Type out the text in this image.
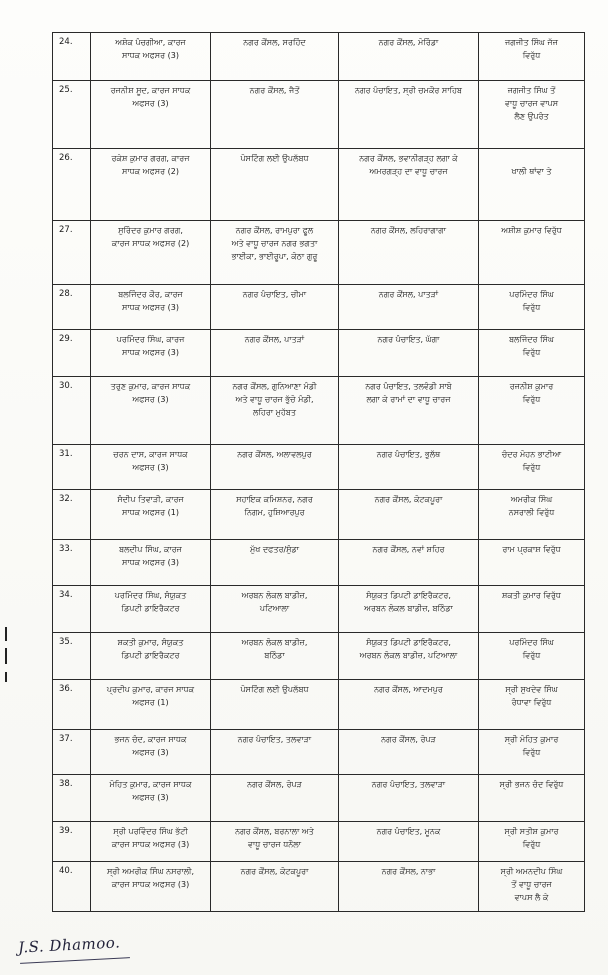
24.	ਅਸ਼ੋਕ ਪੰਚਗੀਆ, ਕਾਰਜ
ਸਾਧਕ ਅਫਸਰ (3)	ਨਗਰ ਕੌਂਸਲ, ਸਰਹਿੰਦ	ਨਗਰ ਕੌਂਸਲ, ਮੋਰਿੰਡਾ	ਜਗਜੀਤ ਸਿੰਘ ਜੱਜ
ਵਿਰੁੱਧ

25.	ਰਜਨੀਸ਼ ਸੂਦ, ਕਾਰਜ ਸਾਧਕ
ਅਫਸਰ (3)	ਨਗਰ ਕੌਂਸਲ, ਜੈਤੋਂ	ਨਗਰ ਪੰਚਾਇਤ, ਸ੍ਰੀ ਚਮਕੌਰ ਸਾਹਿਬ	ਜਗਜੀਤ ਸਿੰਘ ਤੋਂ
ਵਾਧੂ ਚਾਰਜ ਵਾਪਸ
ਲੈਣ ਉਪਰੰਤ

26.	ਰਕੇਸ਼ ਕੁਮਾਰ ਗਰਗ, ਕਾਰਜ
ਸਾਧਕ ਅਫਸਰ (2)	ਪੋਸਟਿੰਗ ਲਈ ਉਪਲੱਬਧ	ਨਗਰ ਕੌਂਸਲ, ਭਵਾਨੀਗੜ੍ਹ ਲਗਾ ਕੇ
ਅਮਰਗੜ੍ਹ ਦਾ ਵਾਧੂ ਚਾਰਜ	
ਖਾਲੀ ਥਾਂਵਾ ਤੇ

27.	ਸੁਰਿੰਦਰ ਕੁਮਾਰ ਗਰਗ,
ਕਾਰਜ ਸਾਧਕ ਅਫਸਰ (2)	ਨਗਰ ਕੌਂਸਲ, ਰਾਮਪੁਰਾ ਫੂਲ
ਅਤੇ ਵਾਧੂ ਚਾਰਜ ਨਗਰ ਭਗਤਾ
ਭਾਈਕਾ, ਭਾਈਰੂਪਾ, ਕੋਠਾ ਗੁਰੂ	ਨਗਰ ਕੌਂਸਲ, ਲਹਿਰਾਗਾਗਾ	ਅਸ਼ੀਸ਼ ਕੁਮਾਰ ਵਿਰੁੱਧ

28.	ਬਲਜਿੰਦਰ ਕੌਰ, ਕਾਰਜ
ਸਾਧਕ ਅਫਸਰ (3)	ਨਗਰ ਪੰਚਾਇਤ, ਚੀਮਾ	ਨਗਰ ਕੌਂਸਲ, ਪਾਤੜਾਂ	ਪਰਮਿੰਦਰ ਸਿੰਘ
ਵਿਰੁੱਧ

29.	ਪਰਮਿੰਦਰ ਸਿੰਘ, ਕਾਰਜ
ਸਾਧਕ ਅਫਸਰ (3)	ਨਗਰ ਕੌਂਸਲ, ਪਾਤੜਾਂ	ਨਗਰ ਪੰਚਾਇਤ, ਘੱਗਾ	ਬਲਜਿੰਦਰ ਸਿੰਘ
ਵਿਰੁੱਧ

30.	ਤਰੁਣ ਕੁਮਾਰ, ਕਾਰਜ ਸਾਧਕ
ਅਫਸਰ (3)	ਨਗਰ ਕੌਂਸਲ, ਗੁਨਿਆਣਾ ਮੰਡੀ
ਅਤੇ ਵਾਧੂ ਚਾਰਜ ਭੁੱਚੋ ਮੰਡੀ,
ਲਹਿਰਾ ਮੁਹੱਬਤ	ਨਗਰ ਪੰਚਾਇਤ, ਤਲਵੰਡੀ ਸਾਬੋ
ਲਗਾ ਕੇ ਰਾਮਾਂ ਦਾ ਵਾਧੂ ਚਾਰਜ	ਰਜਨੀਸ਼ ਕੁਮਾਰ
ਵਿਰੁੱਧ

31.	ਚਰਨ ਦਾਸ, ਕਾਰਜ ਸਾਧਕ
ਅਫਸਰ (3)	ਨਗਰ ਕੌਂਸਲ, ਅਲਾਵਲਪੁਰ	ਨਗਰ ਪੰਚਾਇਤ, ਭੁਲੱਥ	ਚੰਦਰ ਮੋਹਨ ਭਾਟੀਆ
ਵਿਰੁੱਧ

32.	ਸੰਦੀਪ ਤਿਵਾੜੀ, ਕਾਰਜ
ਸਾਧਕ ਅਫਸਰ (1)	ਸਹਾਇਕ ਕਮਿਸ਼ਨਰ, ਨਗਰ
ਨਿਗਮ, ਹੁਸ਼ਿਆਰਪੁਰ	ਨਗਰ ਕੌਂਸਲ, ਕੋਟਕਪੂਰਾ	ਅਮਰੀਕ ਸਿੰਘ
ਨਸਰਾਲੀ ਵਿਰੁੱਧ

33.	ਬਲਦੀਪ ਸਿੰਘ, ਕਾਰਜ
ਸਾਧਕ ਅਫਸਰ (3)	ਮੁੱਖ ਦਫਤਰ/ਸੁੰਡਾ	ਨਗਰ ਕੌਂਸਲ, ਨਵਾਂ ਸ਼ਹਿਰ	ਰਾਮ ਪ੍ਰਕਾਸ਼ ਵਿਰੁੱਧ

34.	ਪਰਮਿੰਦਰ ਸਿੰਘ, ਸੰਯੁਕਤ
ਡਿਪਟੀ ਡਾਇਰੈਕਟਰ	ਅਰਬਨ ਲੋਕਲ ਬਾਡੀਜ਼,
ਪਟਿਆਲਾ	ਸੰਯੁਕਤ ਡਿਪਟੀ ਡਾਇਰੈਕਟਰ,
ਅਰਬਨ ਲੋਕਲ ਬਾਡੀਜ਼, ਬਠਿੰਡਾ	ਸ਼ਕਤੀ ਕੁਮਾਰ ਵਿਰੁੱਧ

35.	ਸ਼ਕਤੀ ਕੁਮਾਰ, ਸੰਯੁਕਤ
ਡਿਪਟੀ ਡਾਇਰੈਕਟਰ	ਅਰਬਨ ਲੋਕਲ ਬਾਡੀਜ਼,
ਬਠਿੰਡਾ	ਸੰਯੁਕਤ ਡਿਪਟੀ ਡਾਇਰੈਕਟਰ,
ਅਰਬਨ ਲੋਕਲ ਬਾਡੀਜ਼, ਪਟਿਆਲਾ	ਪਰਮਿੰਦਰ ਸਿੰਘ
ਵਿਰੁੱਧ

36.	ਪ੍ਰਦੀਪ ਕੁਮਾਰ, ਕਾਰਜ ਸਾਧਕ
ਅਫਸਰ (1)	ਪੋਸਟਿੰਗ ਲਈ ਉਪਲੱਬਧ	ਨਗਰ ਕੌਂਸਲ, ਆਦਮਪੁਰ	ਸ੍ਰੀ ਸੁਖਦੇਵ ਸਿੰਘ
ਰੰਧਾਵਾ ਵਿਰੁੱਧ

37.	ਭਜਨ ਚੰਦ, ਕਾਰਜ ਸਾਧਕ
ਅਫਸਰ (3)	ਨਗਰ ਪੰਚਾਇਤ, ਤਲਵਾੜਾ	ਨਗਰ ਕੌਂਸਲ, ਰੋਪੜ	ਸ੍ਰੀ ਮੋਹਿਤ ਕੁਮਾਰ
ਵਿਰੁੱਧ

38.	ਮੋਹਿਤ ਕੁਮਾਰ, ਕਾਰਜ ਸਾਧਕ
ਅਫਸਰ (3)	ਨਗਰ ਕੌਂਸਲ, ਰੋਪੜ	ਨਗਰ ਪੰਚਾਇਤ, ਤਲਵਾੜਾ	ਸ੍ਰੀ ਭਜਨ ਚੰਦ ਵਿਰੁੱਧ

39.	ਸ੍ਰੀ ਪਰਵਿੰਦਰ ਸਿੰਘ ਭੱਟੀ
ਕਾਰਜ ਸਾਧਕ ਅਫਸਰ (3)	ਨਗਰ ਕੌਂਸਲ, ਬਰਨਾਲਾ ਅਤੇ
ਵਾਧੂ ਚਾਰਜ ਧਨੌਲਾ	ਨਗਰ ਪੰਚਾਇਤ, ਮੂਨਕ	ਸ੍ਰੀ ਸਤੀਸ਼ ਕੁਮਾਰ
ਵਿਰੁੱਧ

40.	ਸ੍ਰੀ ਅਮਰੀਕ ਸਿੰਘ ਨਸਰਾਲੀ,
ਕਾਰਜ ਸਾਧਕ ਅਫਸਰ (3)	ਨਗਰ ਕੌਂਸਲ, ਕੋਟਕਪੂਰਾ	ਨਗਰ ਕੌਂਸਲ, ਨਾਭਾ	ਸ੍ਰੀ ਅਮਨਦੀਪ ਸਿੰਘ
ਤੋਂ ਵਾਧੂ ਚਾਰਜ
ਵਾਪਸ ਲੈ ਕੇ
J.S. Dhamoo.
